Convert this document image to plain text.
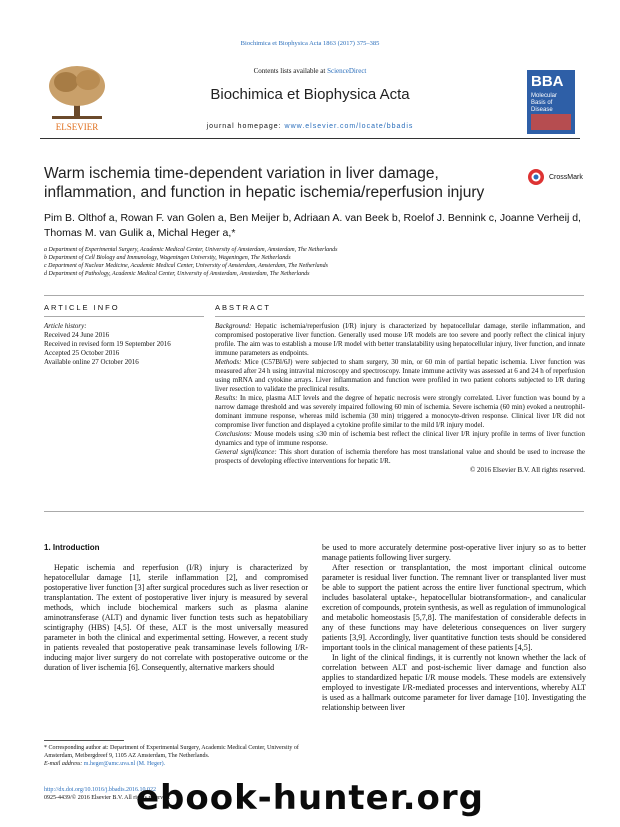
Biochimica et Biophysica Acta 1863 (2017) 375–385
ELSEVIER
Contents lists available at ScienceDirect
Biochimica et Biophysica Acta
journal homepage: www.elsevier.com/locate/bbadis
BBA
Molecular Basis of Disease
Warm ischemia time-dependent variation in liver damage, inflammation, and function in hepatic ischemia/reperfusion injury
CrossMark
Pim B. Olthof a, Rowan F. van Golen a, Ben Meijer b, Adriaan A. van Beek b, Roelof J. Bennink c, Joanne Verheij d, Thomas M. van Gulik a, Michal Heger a,*
a Department of Experimental Surgery, Academic Medical Center, University of Amsterdam, Amsterdam, The Netherlands
b Department of Cell Biology and Immunology, Wageningen University, Wageningen, The Netherlands
c Department of Nuclear Medicine, Academic Medical Center, University of Amsterdam, Amsterdam, The Netherlands
d Department of Pathology, Academic Medical Center, University of Amsterdam, Amsterdam, The Netherlands
ARTICLE INFO	ABSTRACT
Article history:
Received 24 June 2016
Received in revised form 19 September 2016
Accepted 25 October 2016
Available online 27 October 2016

Background: Hepatic ischemia/reperfusion (I/R) injury is characterized by hepatocellular damage, sterile inflammation, and compromised postoperative liver function. Generally used mouse I/R models are too severe and poorly reflect the clinical injury profile. The aim was to establish a mouse I/R model with better translatability using hepatocellular injury, liver function, and innate immune parameters as endpoints.

Methods: Mice (C57Bl/6J) were subjected to sham surgery, 30 min, or 60 min of partial hepatic ischemia. Liver function was measured after 24 h using intravital microscopy and spectroscopy. Innate immune activity was assessed at 6 and 24 h of reperfusion using mRNA and cytokine arrays. Liver inflammation and function were profiled in two patient cohorts subjected to I/R during liver resection to validate the preclinical results.

Results: In mice, plasma ALT levels and the degree of hepatic necrosis were strongly correlated. Liver function was bound by a narrow damage threshold and was severely impaired following 60 min of ischemia. Severe ischemia (60 min) evoked a neutrophil-dominant immune response, whereas mild ischemia (30 min) triggered a monocyte-driven response. Clinical liver I/R did not compromise liver function and displayed a cytokine profile similar to the mild I/R injury model.

Conclusions: Mouse models using ≤30 min of ischemia best reflect the clinical liver I/R injury profile in terms of liver function dynamics and type of immune response.

General significance: This short duration of ischemia therefore has most translational value and should be used to increase the prospects of developing effective interventions for hepatic I/R.

© 2016 Elsevier B.V. All rights reserved.

1. Introduction

Hepatic ischemia and reperfusion (I/R) injury is characterized by hepatocellular damage [1], sterile inflammation [2], and compromised postoperative liver function [3] after surgical procedures such as liver resection or transplantation. The extent of postoperative liver injury is measured by several methods, which include biochemical markers such as plasma alanine aminotransferase (ALT) and dynamic liver function tests such as hepatobiliary scintigraphy (HBS) [4,5]. Of these, ALT is the most universally measured parameter in both the clinical and experimental setting. However, a recent study in patients revealed that postoperative peak transaminase levels following I/R-inducing major liver surgery do not correlate with postoperative outcome or the duration of liver ischemia [6]. Consequently, alternative markers should

be used to more accurately determine post-operative liver injury so as to better manage patients following liver surgery.

After resection or transplantation, the most important clinical outcome parameter is residual liver function. The remnant liver or transplanted liver must be able to support the patient across the entire liver functional spectrum, which includes basolateral uptake-, hepatocellular biotransformation-, and canalicular excretion of compounds, protein synthesis, as well as regulation of immunological and metabolic homeostasis [5,7,8]. The manifestation of considerable defects in any of these functions may have deleterious consequences on liver surgery patients [3,9]. Accordingly, liver quantitative function tests should be considered important tools in the clinical management of these patients [4,5].

In light of the clinical findings, it is currently not known whether the lack of correlation between ALT and post-ischemic liver damage and function also applies to standardized hepatic I/R mouse models. These models are extensively employed to investigate I/R-mediated processes and interventions, whereby ALT is used as a hallmark outcome parameter for liver damage [10]. Investigating the relationship between liver

* Corresponding author at: Department of Experimental Surgery, Academic Medical Center, University of Amsterdam, Meibergdreef 9, 1105 AZ Amsterdam, The Netherlands.
E-mail address: m.heger@amc.uva.nl (M. Heger).
http://dx.doi.org/10.1016/j.bbadis.2016.10.022
0925-4439/© 2016 Elsevier B.V. All rights reserved.
ebook-hunter.org
